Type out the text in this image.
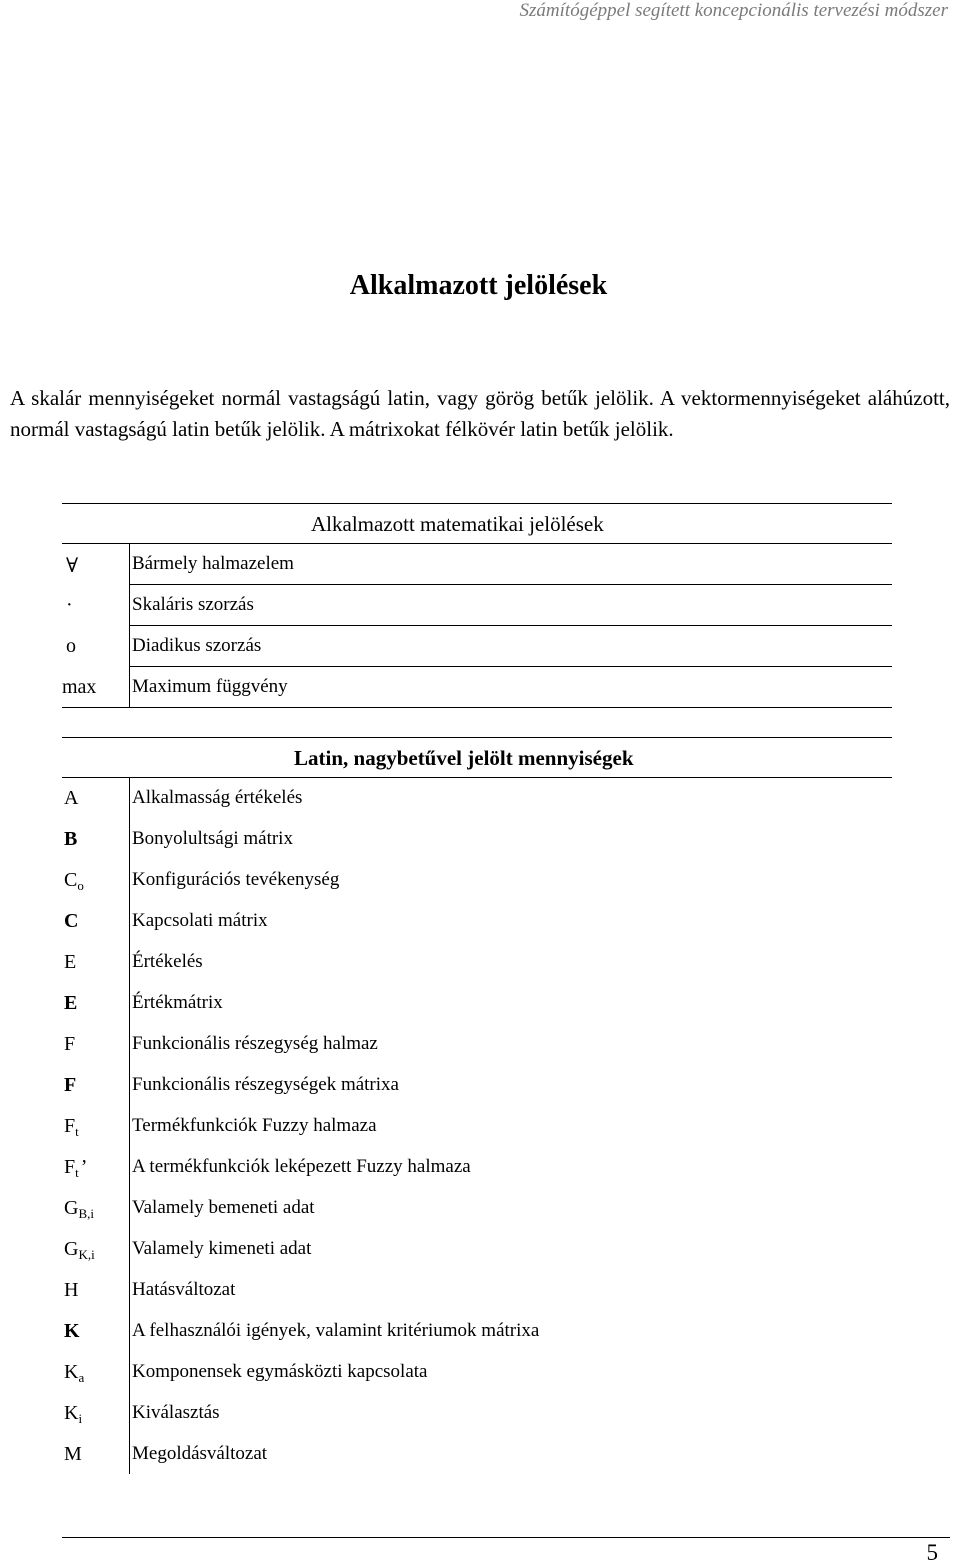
Számítógéppel segített koncepcionális tervezési módszer
Alkalmazott jelölések

A skalár mennyiségeket normál vastagságú latin, vagy görög betűk jelölik. A vektormennyiségeket aláhúzott, normál vastagságú latin betűk jelölik. A mátrixokat félkövér latin betűk jelölik.

Alkalmazott matematikai jelölések
∀	Bármely halmazelem
·	Skaláris szorzás
o	Diadikus szorzás
max	Maximum függvény
Latin, nagybetűvel jelölt mennyiségek
A	Alkalmasság értékelés
B	Bonyolultsági mátrix
$C_o$	Konfigurációs tevékenység
C	Kapcsolati mátrix
E	Értékelés
E	Értékmátrix
F	Funkcionális részegység halmaz
F	Funkcionális részegységek mátrixa
$F_t$	Termékfunkciók Fuzzy halmaza
$F_t$ ’	A termékfunkciók leképezett Fuzzy halmaza
$G_{B,i}$	Valamely bemeneti adat
$G_{K,i}$	Valamely kimeneti adat
H	Hatásváltozat
K	A felhasználói igények, valamint kritériumok mátrixa
$K_a$	Komponensek egymásközti kapcsolata
$K_i$	Kiválasztás
M	Megoldásváltozat
5
